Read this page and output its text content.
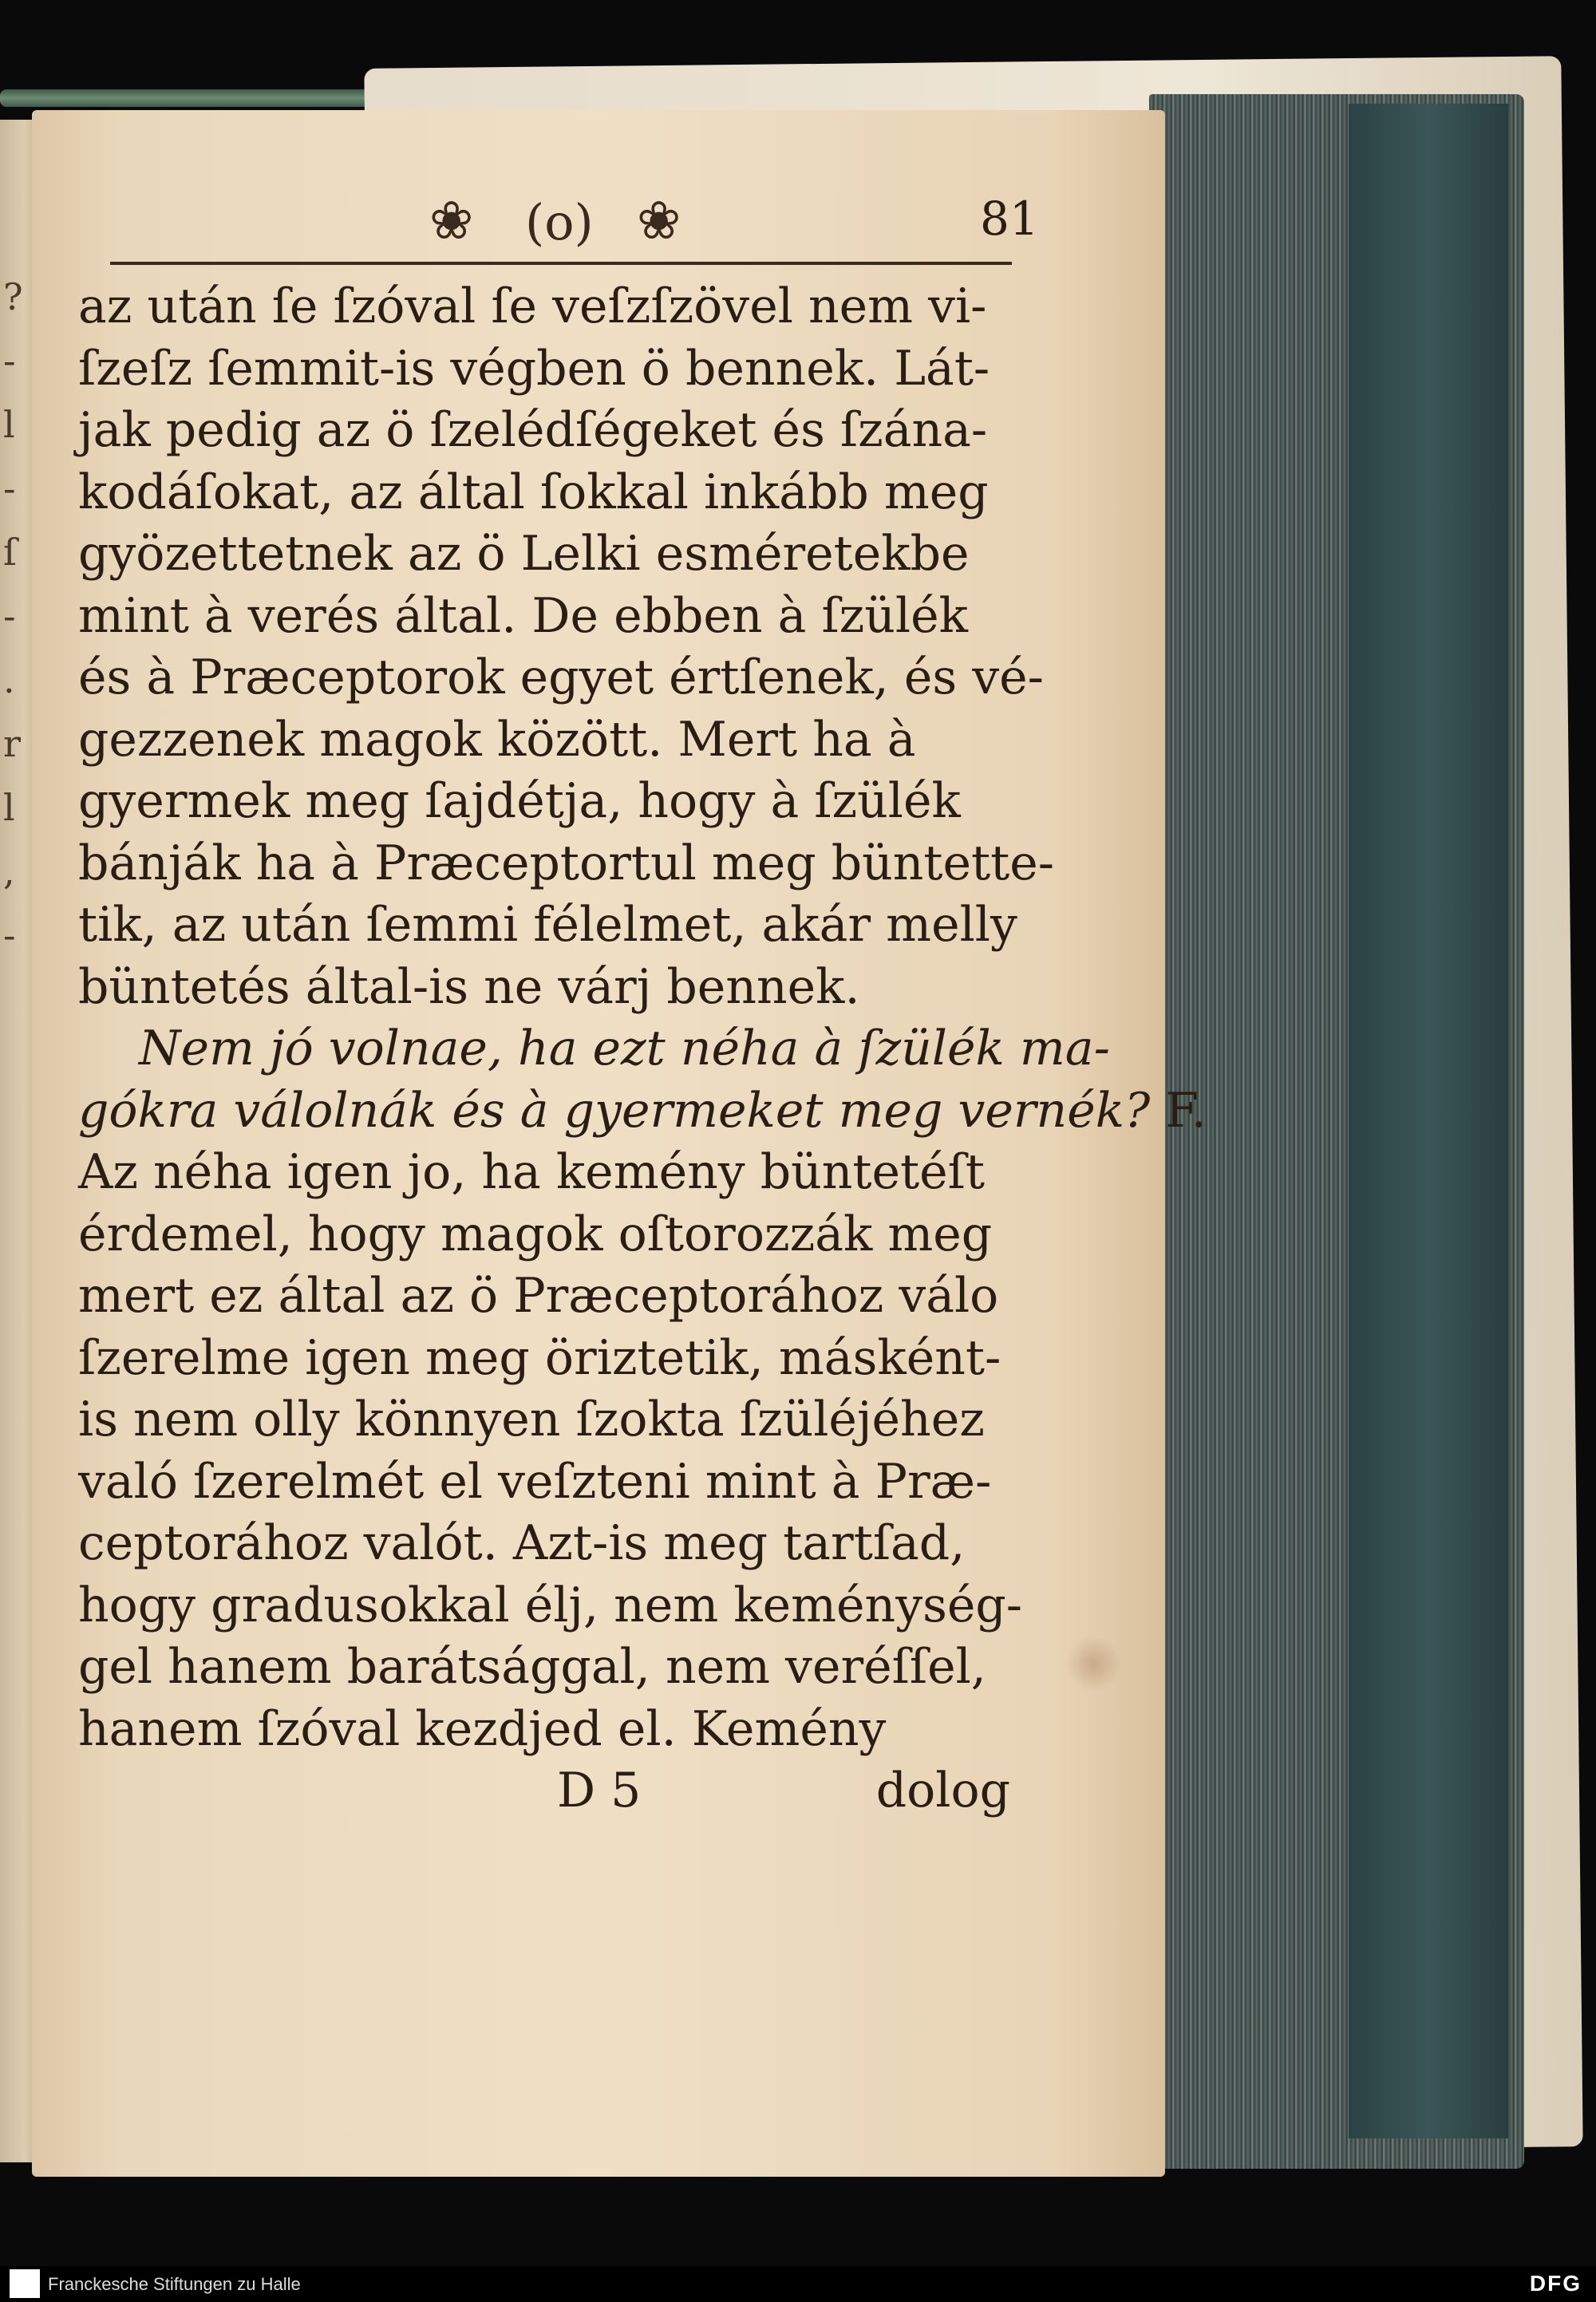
?
-
l
-
ſ
-
.
r
l
,
-
❀ (o) ❀	81
az után ſe ſzóval ſe veſzſzövel nem vi-
ſzeſz ſemmit-is végben ö bennek. Lát-
jak pedig az ö ſzelédſégeket és ſzána-
kodáſokat, az által ſokkal inkább meg
gyözettetnek az ö Lelki esméretekbe
mint à verés által. De ebben à ſzülék
és à Præceptorok egyet értſenek, és vé-
gezzenek magok között. Mert ha à
gyermek meg ſajdétja, hogy à ſzülék
bánják ha à Præceptortul meg büntette-
tik, az után ſemmi félelmet, akár melly
büntetés által-is ne várj bennek.
Nem jó volnae, ha ezt néha à ſzülék ma-
gókra válolnák és à gyermeket meg vernék? F.
Az néha igen jo, ha kemény büntetéſt
érdemel, hogy magok oſtorozzák meg
mert ez által az ö Præceptorához válo
ſzerelme igen meg öriztetik, másként-
is nem olly könnyen ſzokta ſzüléjéhez
való ſzerelmét el veſzteni mint à Præ-
ceptorához valót. Azt-is meg tartſad,
hogy gradusokkal élj, nem keménység-
gel hanem barátsággal, nem veréſſel,
hanem ſzóval kezdjed el. Kemény
D 5	dolog
Franckesche Stiftungen zu Halle	DFG
